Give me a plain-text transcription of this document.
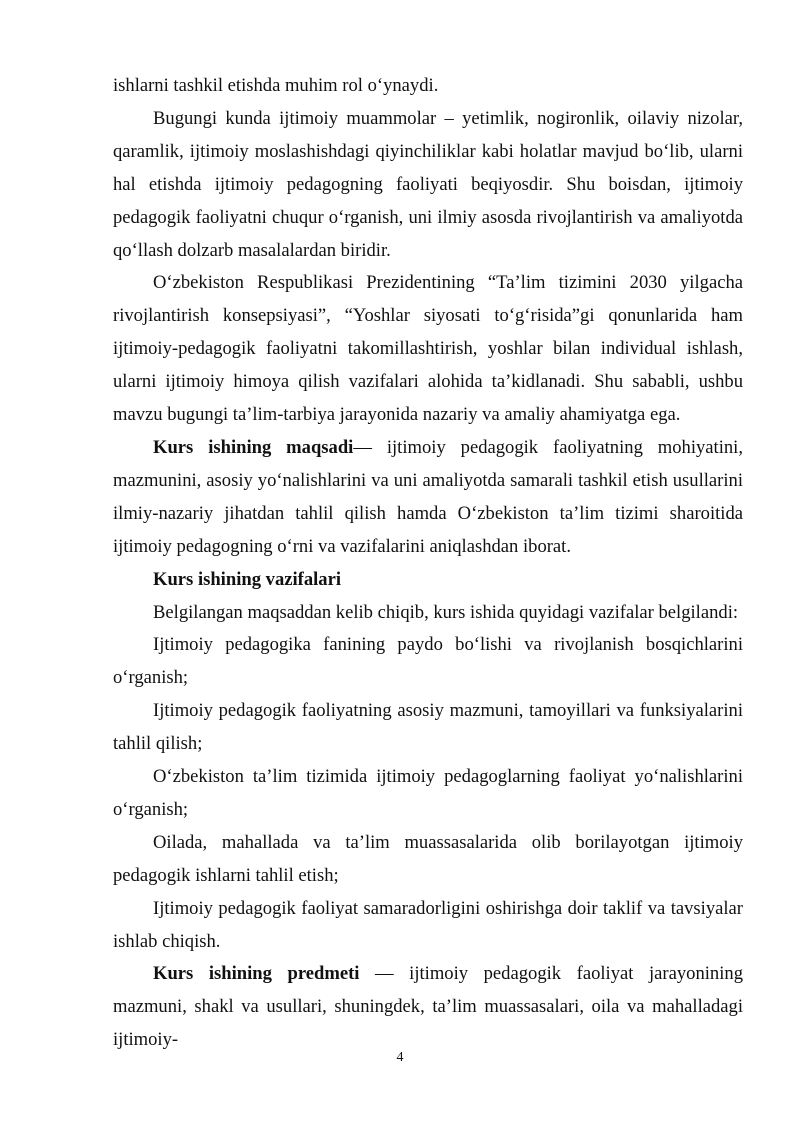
ishlarni tashkil etishda muhim rol o‘ynaydi.

Bugungi kunda ijtimoiy muammolar – yetimlik, nogironlik, oilaviy nizolar, qaramlik, ijtimoiy moslashishdagi qiyinchiliklar kabi holatlar mavjud bo‘lib, ularni hal etishda ijtimoiy pedagogning faoliyati beqiyosdir. Shu boisdan, ijtimoiy pedagogik faoliyatni chuqur o‘rganish, uni ilmiy asosda rivojlantirish va amaliyotda qo‘llash dolzarb masalalardan biridir.

O‘zbekiston Respublikasi Prezidentining “Ta’lim tizimini 2030 yilgacha rivojlantirish konsepsiyasi”, “Yoshlar siyosati to‘g‘risida”gi qonunlarida ham ijtimoiy-pedagogik faoliyatni takomillashtirish, yoshlar bilan individual ishlash, ularni ijtimoiy himoya qilish vazifalari alohida ta’kidlanadi. Shu sababli, ushbu mavzu bugungi ta’lim-tarbiya jarayonida nazariy va amaliy ahamiyatga ega.

Kurs ishining maqsadi— ijtimoiy pedagogik faoliyatning mohiyatini, mazmunini, asosiy yo‘nalishlarini va uni amaliyotda samarali tashkil etish usullarini ilmiy-nazariy jihatdan tahlil qilish hamda O‘zbekiston ta’lim tizimi sharoitida ijtimoiy pedagogning o‘rni va vazifalarini aniqlashdan iborat.

Kurs ishining vazifalari

Belgilangan maqsaddan kelib chiqib, kurs ishida quyidagi vazifalar belgilandi:

Ijtimoiy pedagogika fanining paydo bo‘lishi va rivojlanish bosqichlarini o‘rganish;

Ijtimoiy pedagogik faoliyatning asosiy mazmuni, tamoyillari va funksiyalarini tahlil qilish;

O‘zbekiston ta’lim tizimida ijtimoiy pedagoglarning faoliyat yo‘nalishlarini o‘rganish;

Oilada, mahallada va ta’lim muassasalarida olib borilayotgan ijtimoiy pedagogik ishlarni tahlil etish;

Ijtimoiy pedagogik faoliyat samaradorligini oshirishga doir taklif va tavsiyalar ishlab chiqish.

Kurs ishining predmeti — ijtimoiy pedagogik faoliyat jarayonining mazmuni, shakl va usullari, shuningdek, ta’lim muassasalari, oila va mahalladagi ijtimoiy-

4
